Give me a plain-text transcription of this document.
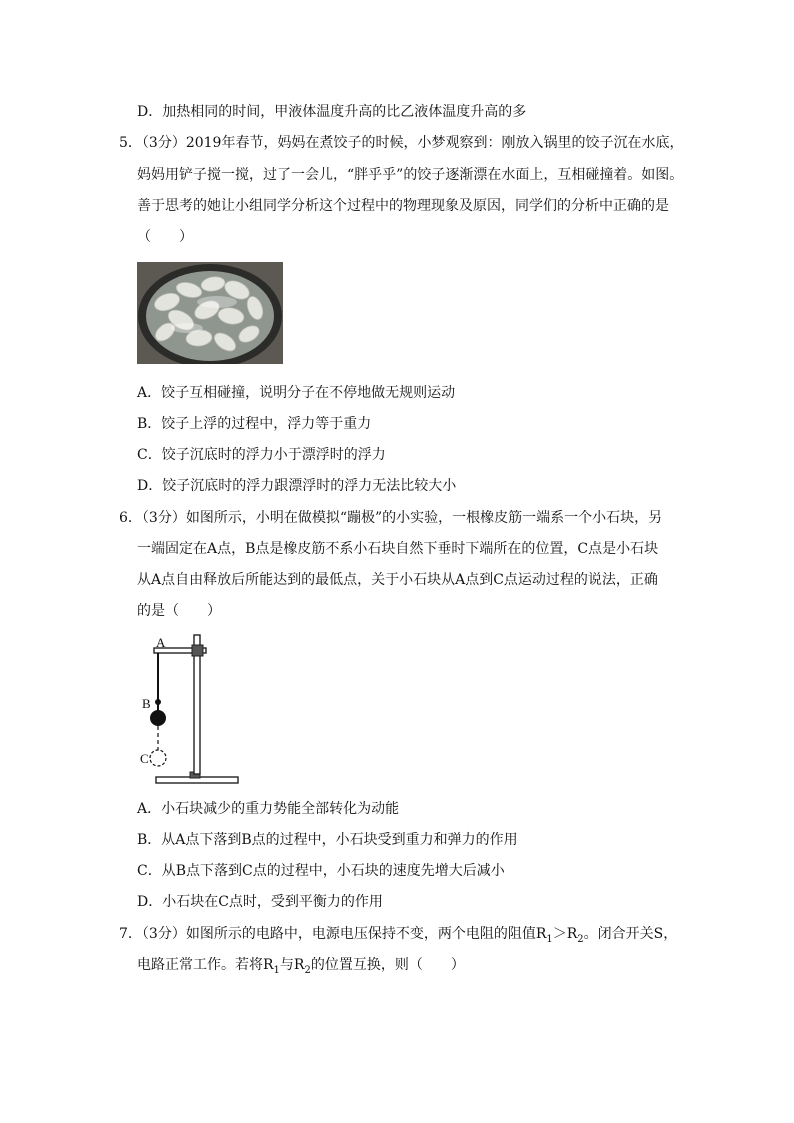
D．加热相同的时间，甲液体温度升高的比乙液体温度升高的多
5．（3分）2019年春节，妈妈在煮饺子的时候，小梦观察到：刚放入锅里的饺子沉在水底，
妈妈用铲子搅一搅，过了一会儿，“胖乎乎”的饺子逐渐漂在水面上，互相碰撞着。如图。
善于思考的她让小组同学分析这个过程中的物理现象及原因，同学们的分析中正确的是
（　　）
A．饺子互相碰撞，说明分子在不停地做无规则运动
B．饺子上浮的过程中，浮力等于重力
C．饺子沉底时的浮力小于漂浮时的浮力
D．饺子沉底时的浮力跟漂浮时的浮力无法比较大小
6．（3分）如图所示，小明在做模拟“蹦极”的小实验，一根橡皮筋一端系一个小石块，另
一端固定在A点，B点是橡皮筋不系小石块自然下垂时下端所在的位置，C点是小石块
从A点自由释放后所能达到的最低点，关于小石块从A点到C点运动过程的说法，正确
的是（　　）
A
B
C
A．小石块减少的重力势能全部转化为动能
B．从A点下落到B点的过程中，小石块受到重力和弹力的作用
C．从B点下落到C点的过程中，小石块的速度先增大后减小
D．小石块在C点时，受到平衡力的作用
7．（3分）如图所示的电路中，电源电压保持不变，两个电阻的阻值$R_1>R_2$。闭合开关S，
电路正常工作。若将$R_1$与$R_2$的位置互换，则（　　）
